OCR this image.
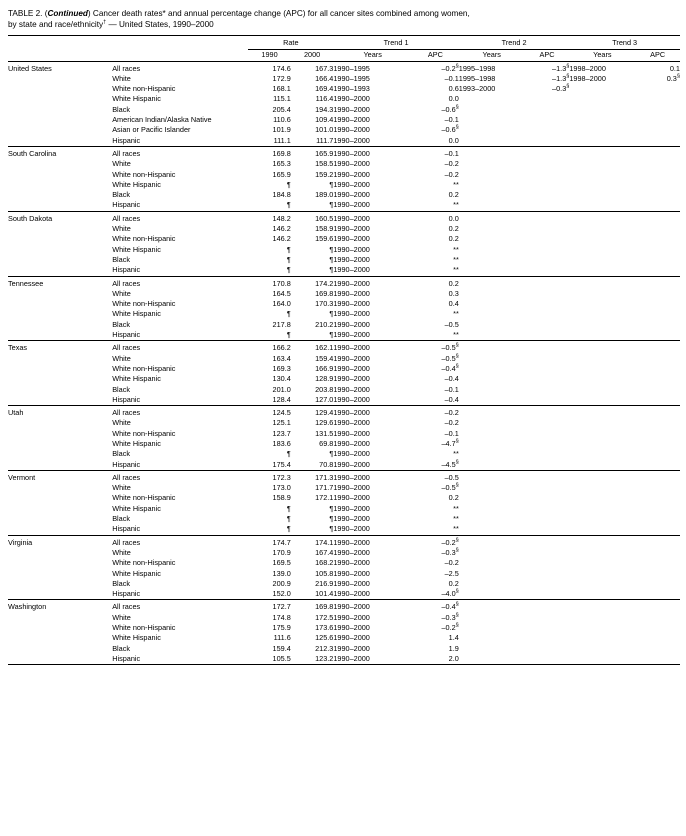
TABLE 2. (Continued) Cancer death rates* and annual percentage change (APC) for all cancer sites combined among women,
by state and race/ethnicity† — United States, 1990–2000

		Rate		Trend 1		Trend 2		Trend 3	

		1990	2000	Years	APC	Years	APC	Years	APC

United States	All races	174.6	167.3	1990–1995	–0.2§	1995–1998	–1.3§	1998–2000	0.1
	White	172.9	166.4	1990–1995	–0.1	1995–1998	–1.3§	1998–2000	0.3§
	White non-Hispanic	168.1	169.4	1990–1993	0.6	1993–2000	–0.3§		
	White Hispanic	115.1	116.4	1990–2000	0.0				
	Black	205.4	194.3	1990–2000	–0.6§				
	American Indian/Alaska Native	110.6	109.4	1990–2000	–0.1				
	Asian or Pacific Islander	101.9	101.0	1990–2000	–0.6§				
	Hispanic	111.1	111.7	1990–2000	0.0				

South Carolina	All races	169.8	165.9	1990–2000	–0.1				
	White	165.3	158.5	1990–2000	–0.2				
	White non-Hispanic	165.9	159.2	1990–2000	–0.2				
	White Hispanic	¶	¶	1990–2000	**				
	Black	184.8	189.0	1990–2000	0.2				
	Hispanic	¶	¶	1990–2000	**				

South Dakota	All races	148.2	160.5	1990–2000	0.0				
	White	146.2	158.9	1990–2000	0.2				
	White non-Hispanic	146.2	159.6	1990–2000	0.2				
	White Hispanic	¶	¶	1990–2000	**				
	Black	¶	¶	1990–2000	**				
	Hispanic	¶	¶	1990–2000	**				

Tennessee	All races	170.8	174.2	1990–2000	0.2				
	White	164.5	169.8	1990–2000	0.3				
	White non-Hispanic	164.0	170.3	1990–2000	0.4				
	White Hispanic	¶	¶	1990–2000	**				
	Black	217.8	210.2	1990–2000	–0.5				
	Hispanic	¶	¶	1990–2000	**				

Texas	All races	166.2	162.1	1990–2000	–0.5§				
	White	163.4	159.4	1990–2000	–0.5§				
	White non-Hispanic	169.3	166.9	1990–2000	–0.4§				
	White Hispanic	130.4	128.9	1990–2000	–0.4				
	Black	201.0	203.8	1990–2000	–0.1				
	Hispanic	128.4	127.0	1990–2000	–0.4				

Utah	All races	124.5	129.4	1990–2000	–0.2				
	White	125.1	129.6	1990–2000	–0.2				
	White non-Hispanic	123.7	131.5	1990–2000	–0.1				
	White Hispanic	183.6	69.8	1990–2000	–4.7§				
	Black	¶	¶	1990–2000	**				
	Hispanic	175.4	70.8	1990–2000	–4.5§				

Vermont	All races	172.3	171.3	1990–2000	–0.5				
	White	173.0	171.7	1990–2000	–0.5§				
	White non-Hispanic	158.9	172.1	1990–2000	0.2				
	White Hispanic	¶	¶	1990–2000	**				
	Black	¶	¶	1990–2000	**				
	Hispanic	¶	¶	1990–2000	**				

Virginia	All races	174.7	174.1	1990–2000	–0.2§				
	White	170.9	167.4	1990–2000	–0.3§				
	White non-Hispanic	169.5	168.2	1990–2000	–0.2				
	White Hispanic	139.0	105.8	1990–2000	–2.5				
	Black	200.9	216.9	1990–2000	0.2				
	Hispanic	152.0	101.4	1990–2000	–4.0§				

Washington	All races	172.7	169.8	1990–2000	–0.4§				
	White	174.8	172.5	1990–2000	–0.3§				
	White non-Hispanic	175.9	173.6	1990–2000	–0.2§				
	White Hispanic	111.6	125.6	1990–2000	1.4				
	Black	159.4	212.3	1990–2000	1.9				
	Hispanic	105.5	123.2	1990–2000	2.0				
